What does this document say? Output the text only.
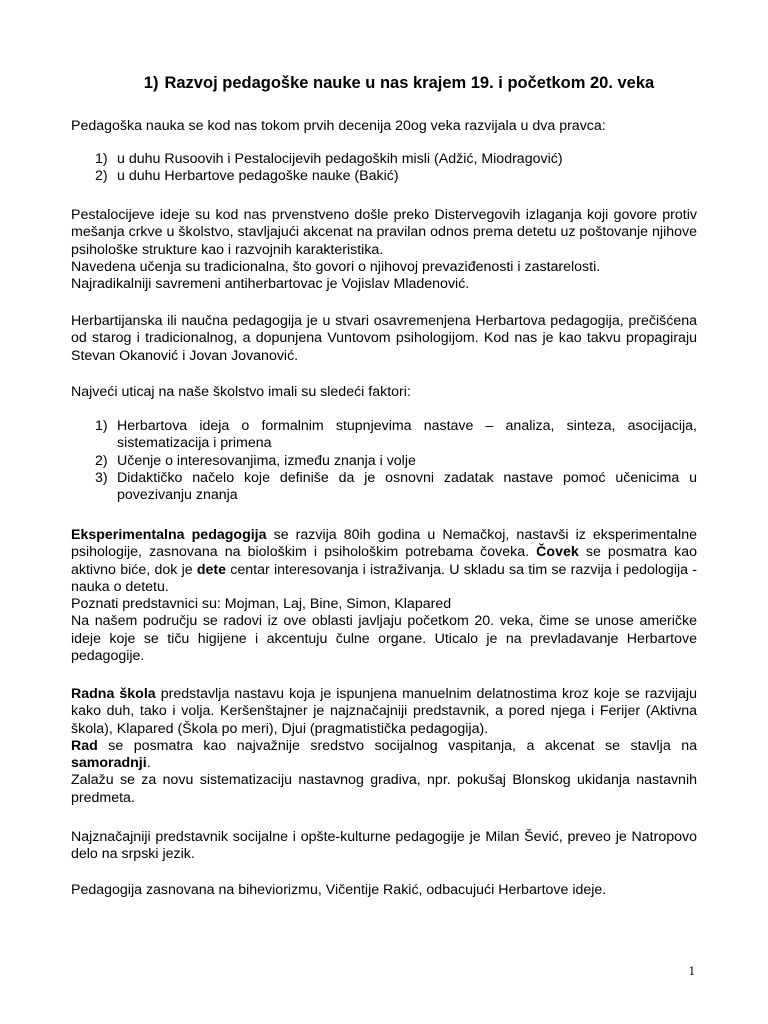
1) Razvoj pedagoške nauke u nas krajem 19. i početkom 20. veka

Pedagoška nauka se kod nas tokom prvih decenija 20og veka razvijala u dva pravca:

1) u duhu Rusoovih i Pestalocijevih pedagoških misli (Adžić, Miodragović)
2) u duhu Herbartove pedagoške nauke (Bakić)

Pestalocijeve ideje su kod nas prvenstveno došle preko Distervegovih izlaganja koji govore protiv mešanja crkve u školstvo, stavljajući akcenat na pravilan odnos prema detetu uz poštovanje njihove psihološke strukture kao i razvojnih karakteristika.

Navedena učenja su tradicionalna, što govori o njihovoj prevaziđenosti i zastarelosti.

Najradikalniji savremeni antiherbartovac je Vojislav Mladenović.

Herbartijanska ili naučna pedagogija je u stvari osavremenjena Herbartova pedagogija, prečišćena od starog i tradicionalnog, a dopunjena Vuntovom psihologijom. Kod nas je kao takvu propagiraju Stevan Okanović i Jovan Jovanović.

Najveći uticaj na naše školstvo imali su sledeći faktori:

1) Herbartova ideja o formalnim stupnjevima nastave – analiza, sinteza, asocijacija, sistematizacija i primena
2) Učenje o interesovanjima, između znanja i volje
3) Didaktičko načelo koje definiše da je osnovni zadatak nastave pomoć učenicima u povezivanju znanja

Eksperimentalna pedagogija se razvija 80ih godina u Nemačkoj, nastavši iz eksperimentalne psihologije, zasnovana na biološkim i psihološkim potrebama čoveka. Čovek se posmatra kao aktivno biće, dok je dete centar interesovanja i istraživanja. U skladu sa tim se razvija i pedologija - nauka o detetu.

Poznati predstavnici su: Mojman, Laj, Bine, Simon, Klapared

Na našem području se radovi iz ove oblasti javljaju početkom 20. veka, čime se unose američke ideje koje se tiču higijene i akcentuju čulne organe. Uticalo je na prevladavanje Herbartove pedagogije.

Radna škola predstavlja nastavu koja je ispunjena manuelnim delatnostima kroz koje se razvijaju kako duh, tako i volja. Keršenštajner je najznačajniji predstavnik, a pored njega i Ferijer (Aktivna škola), Klapared (Škola po meri), Djui (pragmatistička pedagogija).

Rad se posmatra kao najvažnije sredstvo socijalnog vaspitanja, a akcenat se stavlja na samoradnji.

Zalažu se za novu sistematizaciju nastavnog gradiva, npr. pokušaj Blonskog ukidanja nastavnih predmeta.

Najznačajniji predstavnik socijalne i opšte-kulturne pedagogije je Milan Šević, preveo je Natropovo delo na srpski jezik.

Pedagogija zasnovana na biheviorizmu, Vičentije Rakić, odbacujući Herbartove ideje.

1
